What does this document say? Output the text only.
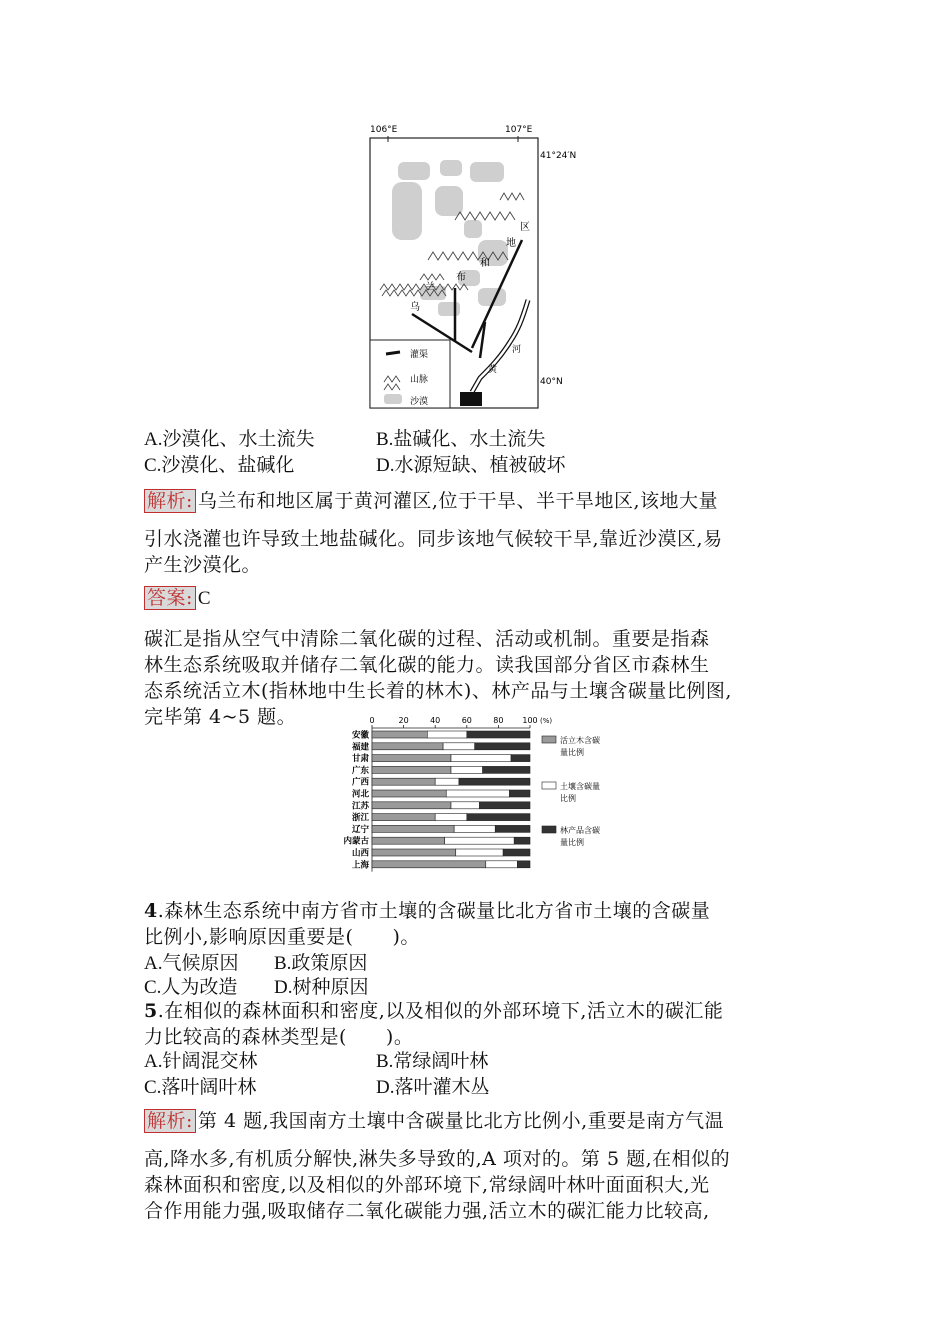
106°E	107°E
41°24′N
40°N
乌
兰
布
和
地
区
黄
河
灌渠
山脉
沙漠
A.沙漠化、水土流失	B.盐碱化、水土流失
C.沙漠化、盐碱化	D.水源短缺、植被破坏
解析: 乌兰布和地区属于黄河灌区,位于干旱、半干旱地区,该地大量
引水浇灌也许导致土地盐碱化。同步该地气候较干旱,靠近沙漠区,易
产生沙漠化。
答案: C
碳汇是指从空气中清除二氧化碳的过程、活动或机制。重要是指森
林生态系统吸取并储存二氧化碳的能力。读我国部分省区市森林生
态系统活立木(指林地中生长着的林木)、林产品与土壤含碳量比例图,
完毕第 4~5 题。	0	20	40	60	80 100 (%)
安徽
福建
甘肃
广东
广西
河北
江苏
浙江
辽宁
内蒙古
山西
上海
活立木含碳
量比例
土壤含碳量
比例
林产品含碳
量比例
4.森林生态系统中南方省市土壤的含碳量比北方省市土壤的含碳量
比例小,影响原因重要是(　　)。
A.气候原因 B.政策原因
C.人为改造 D.树种原因
5.在相似的森林面积和密度,以及相似的外部环境下,活立木的碳汇能
力比较高的森林类型是(　　)。
A.针阔混交林	B.常绿阔叶林
C.落叶阔叶林	D.落叶灌木丛
解析: 第 4 题,我国南方土壤中含碳量比北方比例小,重要是南方气温
高,降水多,有机质分解快,淋失多导致的,A 项对的。第 5 题,在相似的
森林面积和密度,以及相似的外部环境下,常绿阔叶林叶面面积大,光
合作用能力强,吸取储存二氧化碳能力强,活立木的碳汇能力比较高,
